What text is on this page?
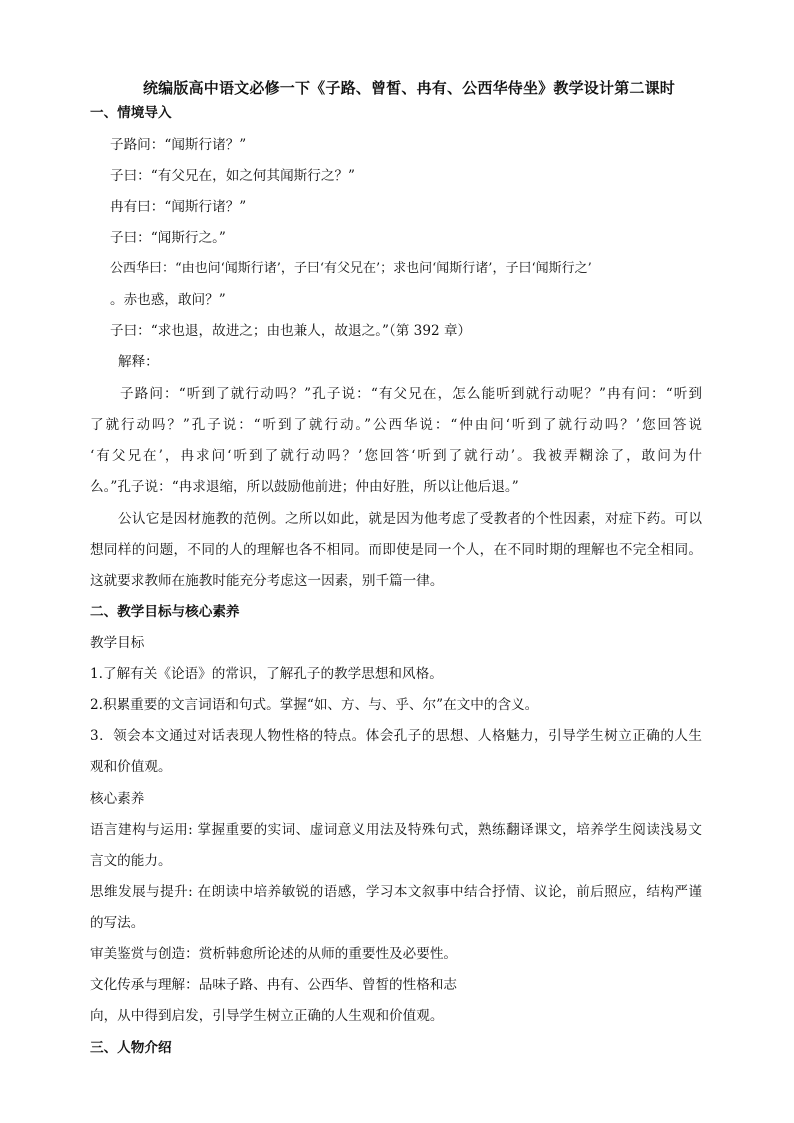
统编版高中语文必修一下《子路、曾皙、冉有、公西华侍坐》教学设计第二课时
一、情境导入
子路问：“闻斯行诸？”
子曰：“有父兄在，如之何其闻斯行之？”
冉有曰：“闻斯行诸？”
子曰：“闻斯行之。”
公西华曰：“由也问‘闻斯行诸’，子曰‘有父兄在’；求也问‘闻斯行诸’，子曰‘闻斯行之’
。赤也惑，敢问？”
子曰：“求也退，故进之；由也兼人，故退之。”（第 392 章）
解释：
子路问：“听到了就行动吗？”孔子说：“有父兄在，怎么能听到就行动呢？”冉有问：“听到
了就行动吗？”孔子说：“听到了就行动。”公西华说：“仲由问‘听到了就行动吗？’您回答说
‘有父兄在’，冉求问‘听到了就行动吗？’您回答‘听到了就行动’。我被弄糊涂了，敢问为什
么。”孔子说：“冉求退缩，所以鼓励他前进；仲由好胜，所以让他后退。”
公认它是因材施教的范例。之所以如此，就是因为他考虑了受教者的个性因素，对症下药。可以
想同样的问题，不同的人的理解也各不相同。而即使是同一个人，在不同时期的理解也不完全相同。
这就要求教师在施教时能充分考虑这一因素，别千篇一律。
二、教学目标与核心素养
教学目标
1.了解有关《论语》的常识，了解孔子的教学思想和风格。
2.积累重要的文言词语和句式。掌握“如、方、与、乎、尔”在文中的含义。
3．领会本文通过对话表现人物性格的特点。体会孔子的思想、人格魅力，引导学生树立正确的人生
观和价值观。
核心素养
语言建构与运用: 掌握重要的实词、虚词意义用法及特殊句式，熟练翻译课文，培养学生阅读浅易文
言文的能力。
思维发展与提升: 在朗读中培养敏锐的语感，学习本文叙事中结合抒情、议论，前后照应，结构严谨
的写法。
审美鉴赏与创造：赏析韩愈所论述的从师的重要性及必要性。
文化传承与理解：品味子路、冉有、公西华、曾皙的性格和志
向，从中得到启发，引导学生树立正确的人生观和价值观。
三、人物介绍
